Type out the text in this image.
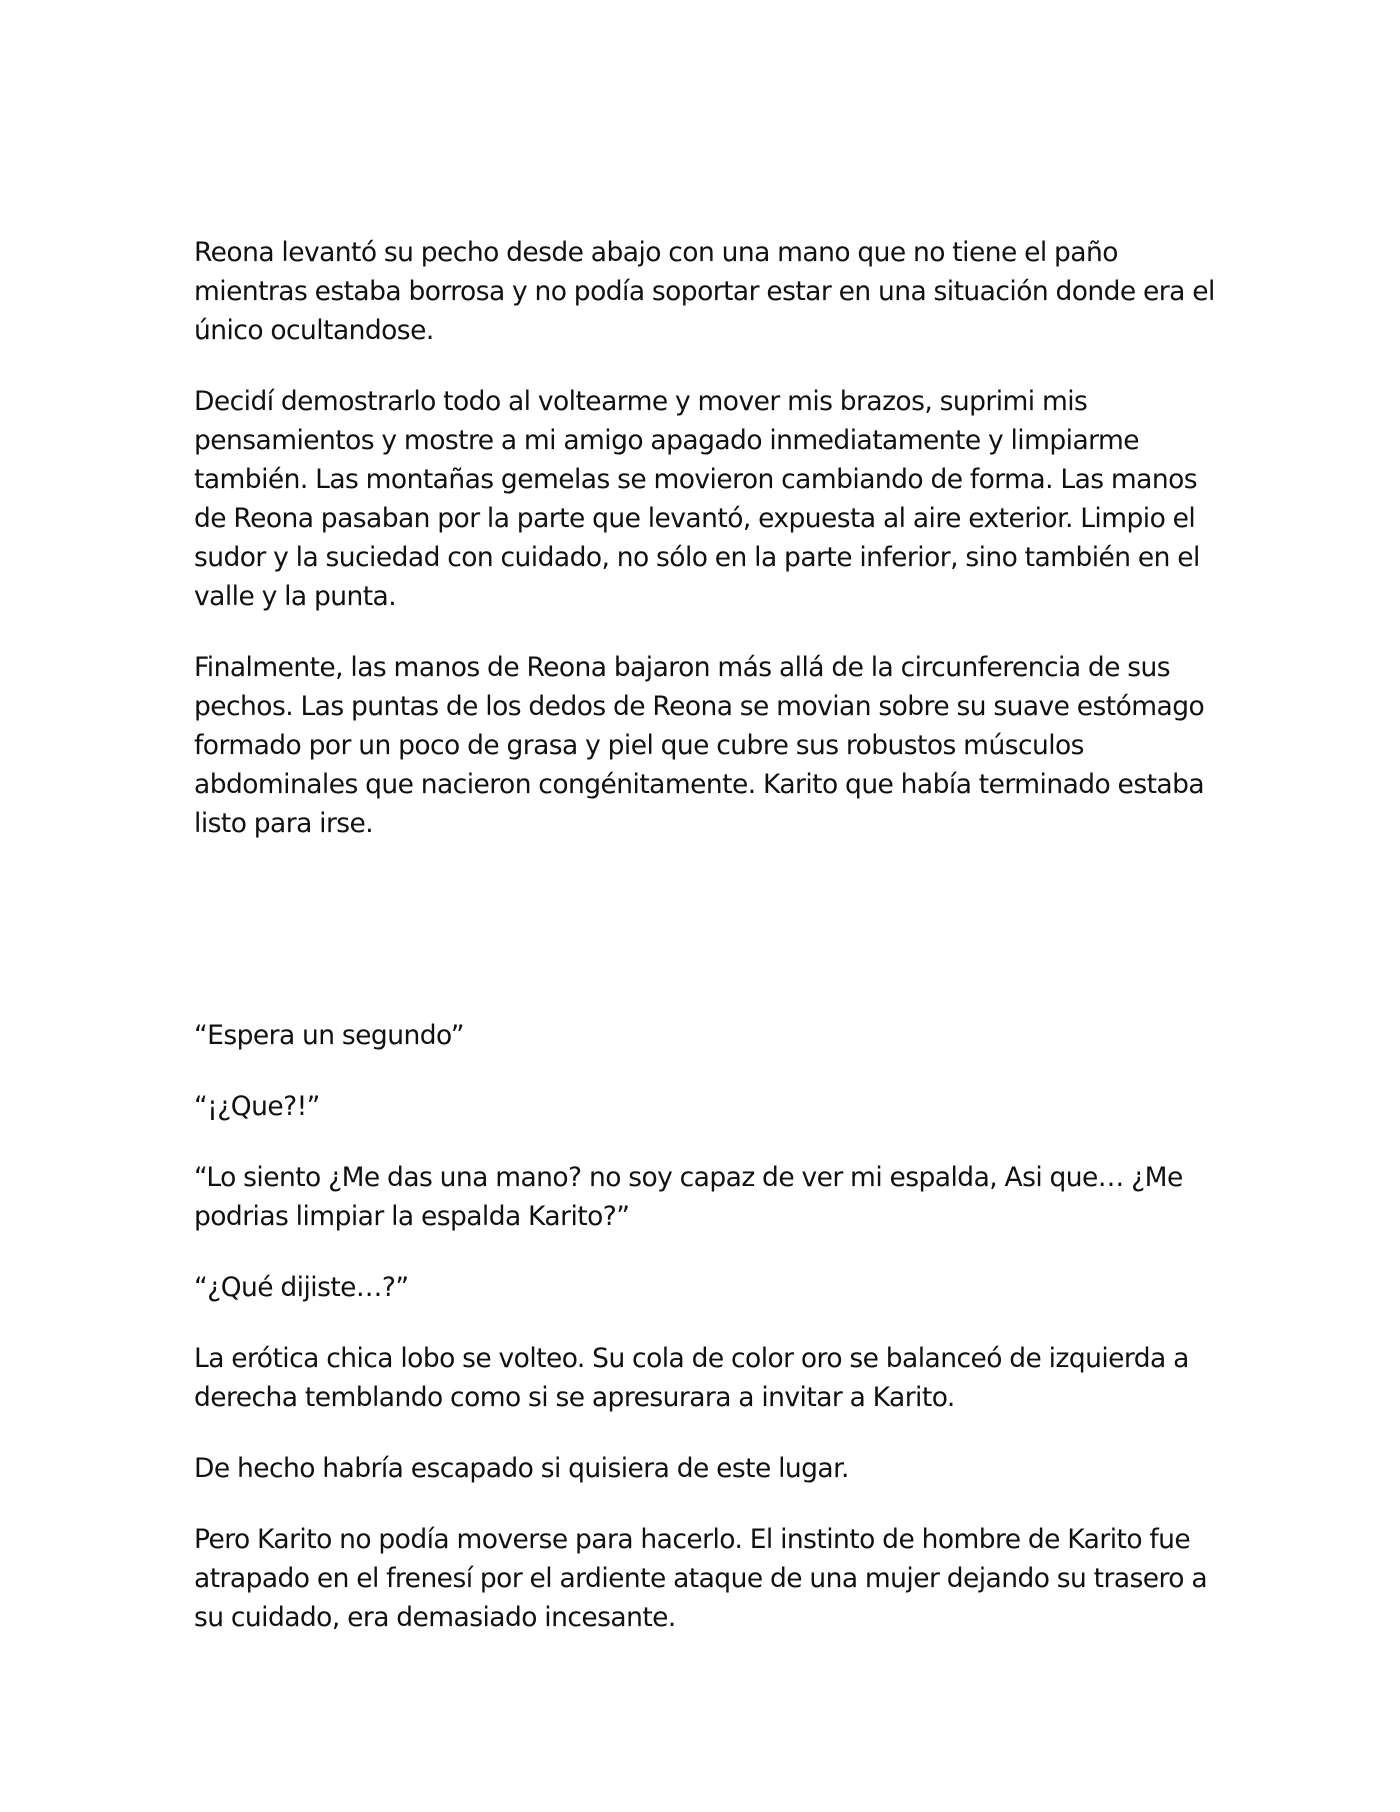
Reona levantó su pecho desde abajo con una mano que no tiene el paño mientras estaba borrosa y no podía soportar estar en una situación donde era el único ocultandose.

Decidí demostrarlo todo al voltearme y mover mis brazos, suprimi mis pensamientos y mostre a mi amigo apagado inmediatamente y limpiarme también. Las montañas gemelas se movieron cambiando de forma. Las manos de Reona pasaban por la parte que levantó, expuesta al aire exterior. Limpio el sudor y la suciedad con cuidado, no sólo en la parte inferior, sino también en el valle y la punta.

Finalmente, las manos de Reona bajaron más allá de la circunferencia de sus pechos. Las puntas de los dedos de Reona se movian sobre su suave estómago formado por un poco de grasa y piel que cubre sus robustos músculos abdominales que nacieron congénitamente. Karito que había terminado estaba listo para irse.

“Espera un segundo”

“¡¿Que?!”

“Lo siento ¿Me das una mano? no soy capaz de ver mi espalda, Asi que… ¿Me podrias limpiar la espalda Karito?”

“¿Qué dijiste…?”

La erótica chica lobo se volteo. Su cola de color oro se balanceó de izquierda a derecha temblando como si se apresurara a invitar a Karito.

De hecho habría escapado si quisiera de este lugar.

Pero Karito no podía moverse para hacerlo. El instinto de hombre de Karito fue atrapado en el frenesí por el ardiente ataque de una mujer dejando su trasero a su cuidado, era demasiado incesante.
